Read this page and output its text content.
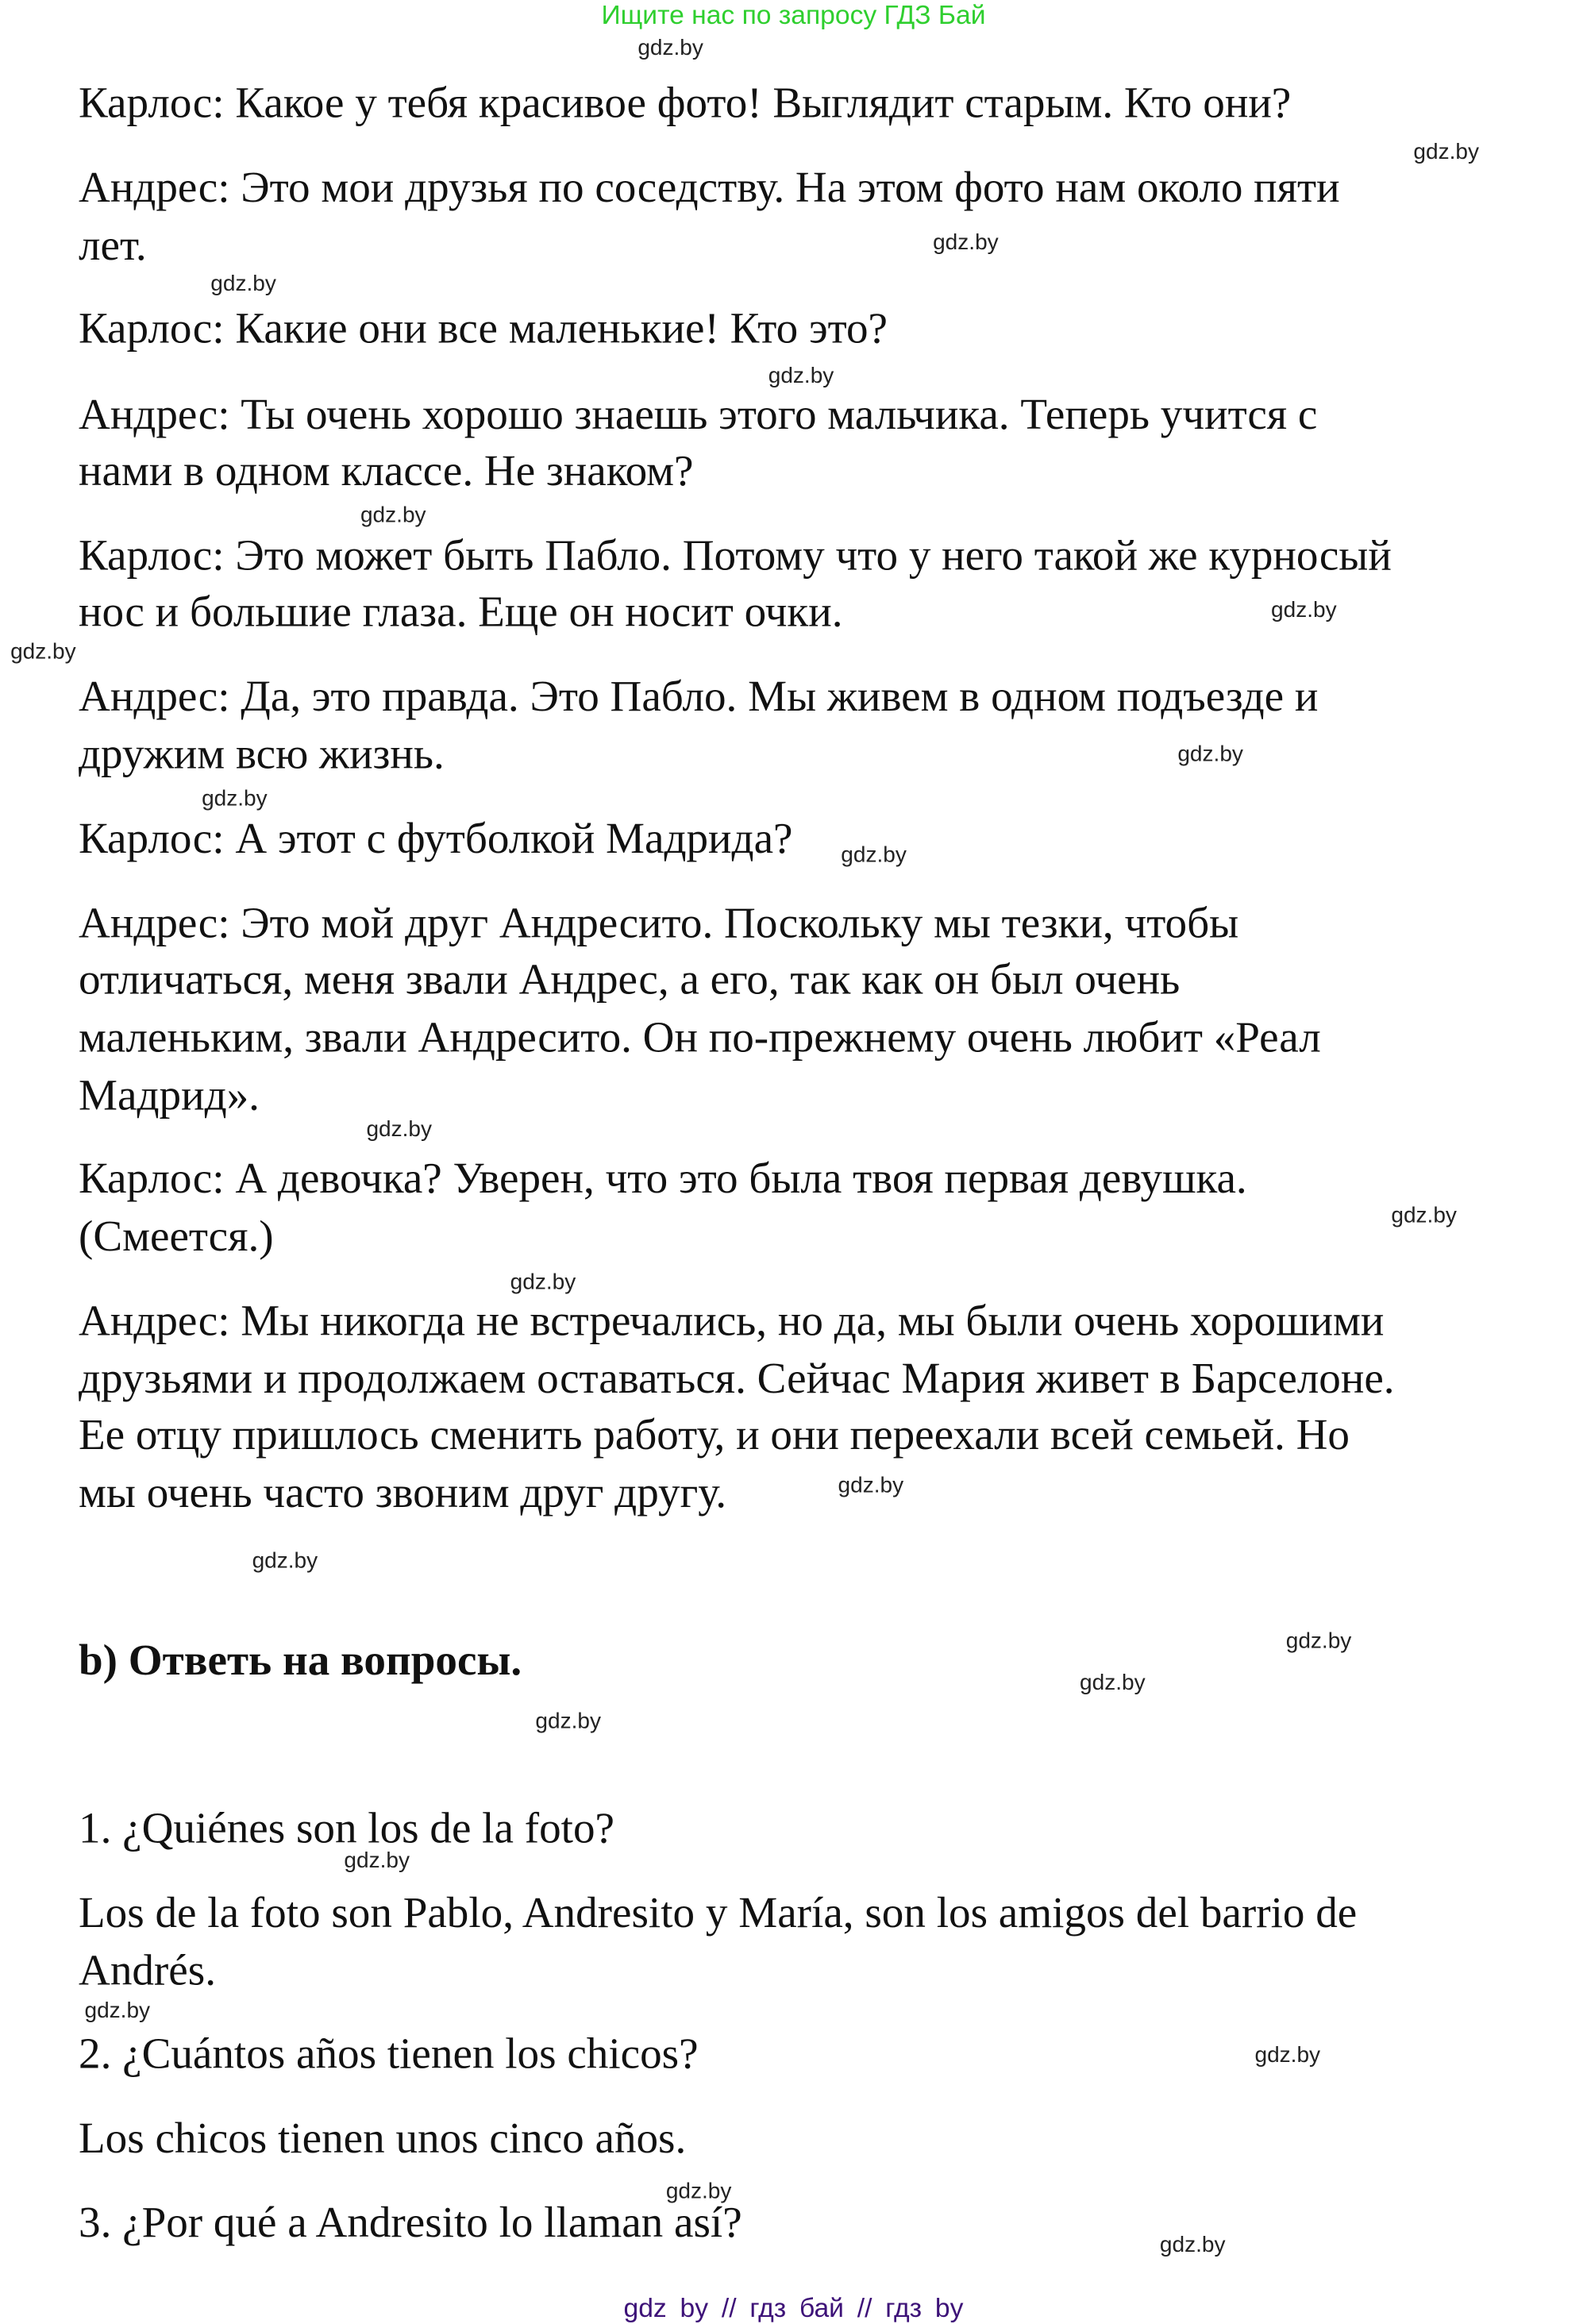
Ищите нас по запросу ГДЗ Бай
Карлос: Какое у тебя красивое фото! Выглядит старым. Кто они?
Андрес: Это мои друзья по соседству. На этом фото нам около пяти
лет.
Карлос: Какие они все маленькие! Кто это?
Андрес: Ты очень хорошо знаешь этого мальчика. Теперь учится с
нами в одном классе. Не знаком?
Карлос: Это может быть Пабло. Потому что у него такой же курносый
нос и большие глаза. Еще он носит очки.
Андрес: Да, это правда. Это Пабло. Мы живем в одном подъезде и
дружим всю жизнь.
Карлос: А этот с футболкой Мадрида?
Андрес: Это мой друг Андресито. Поскольку мы тезки, чтобы
отличаться, меня звали Андрес, а его, так как он был очень
маленьким, звали Андресито. Он по-прежнему очень любит «Реал
Мадрид».
Карлос: А девочка? Уверен, что это была твоя первая девушка.
(Смеется.)
Андрес: Мы никогда не встречались, но да, мы были очень хорошими
друзьями и продолжаем оставаться. Сейчас Мария живет в Барселоне.
Ее отцу пришлось сменить работу, и они переехали всей семьей. Но
мы очень часто звоним друг другу.
b) Ответь на вопросы.
1. ¿Quiénes son los de la foto?
Los de la foto son Pablo, Andresito y María, son los amigos del barrio de
Andrés.
2. ¿Cuántos años tienen los chicos?
Los chicos tienen unos cinco años.
3. ¿Por qué a Andresito lo llaman así?
gdz.by
gdz.by
gdz.by
gdz.by
gdz.by
gdz.by
gdz.by
gdz.by
gdz.by
gdz.by
gdz.by
gdz.by
gdz.by
gdz.by
gdz.by
gdz.by
gdz.by
gdz.by
gdz.by
gdz.by
gdz.by
gdz.by
gdz.by
gdz.by
gdz by // гдз бай // гдз by
